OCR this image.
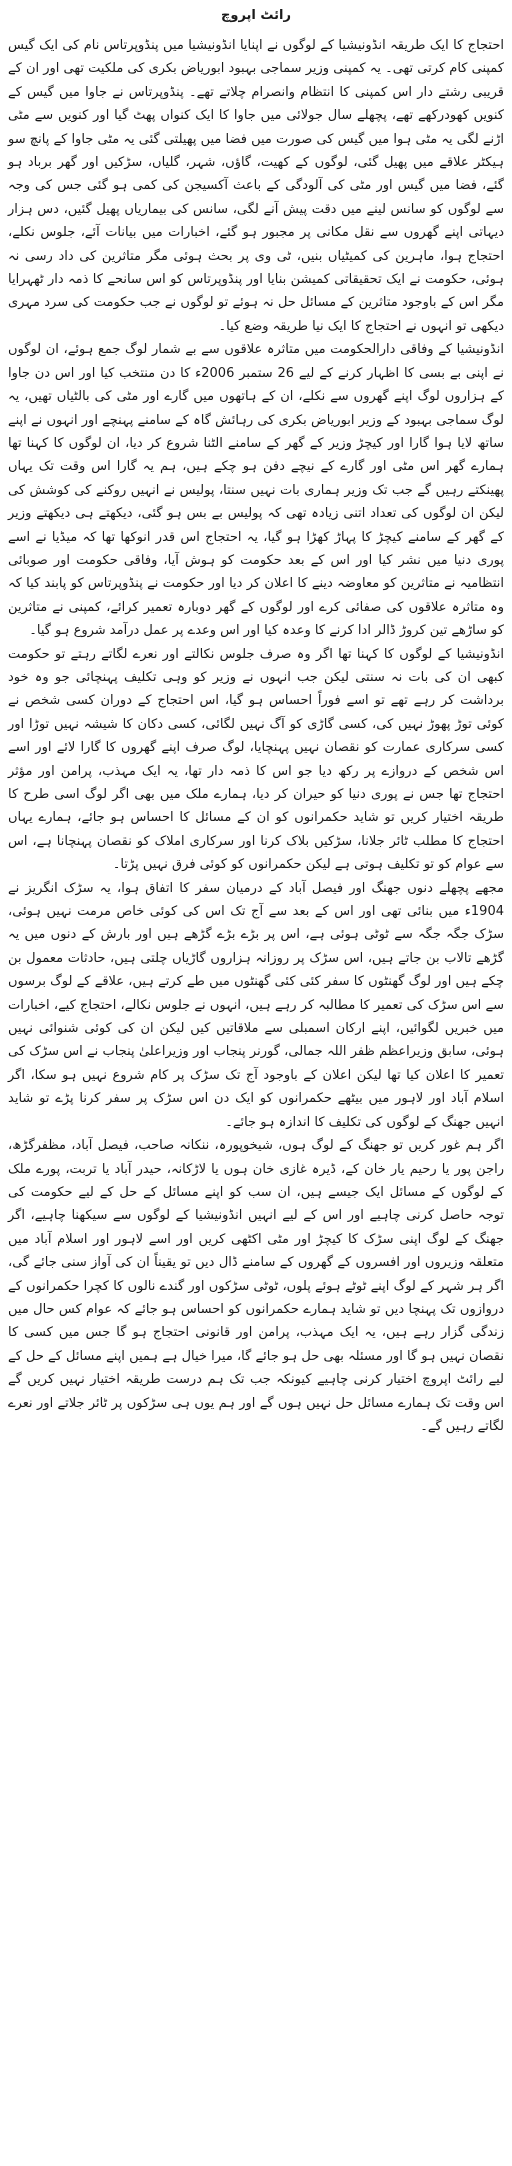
رائٹ اپروچ

احتجاج کا ایک طریقہ انڈونیشیا کے لوگوں نے اپنایا انڈونیشیا میں پنڈوپرتاس نام کی ایک گیس کمپنی کام کرتی تھی۔ یہ کمپنی وزیر سماجی بہبود ابوریاض بکری کی ملکیت تھی اور ان کے قریبی رشتے دار اس کمپنی کا انتظام وانصرام چلاتے تھے۔ پنڈوپرتاس نے جاوا میں گیس کے کنویں کھودرکھے تھے، پچھلے سال جولائی میں جاوا کا ایک کنواں پھٹ گیا اور کنویں سے مٹی اڑنے لگی یہ مٹی ہوا میں گیس کی صورت میں فضا میں پھیلتی گئی یہ مٹی جاوا کے پانچ سو ہیکٹر علاقے میں پھیل گئی، لوگوں کے کھیت، گاؤں، شہر، گلیاں، سڑکیں اور گھر برباد ہو گئے، فضا میں گیس اور مٹی کی آلودگی کے باعث آکسیجن کی کمی ہو گئی جس کی وجہ سے لوگوں کو سانس لینے میں دقت پیش آنے لگی، سانس کی بیماریاں پھیل گئیں، دس ہزار دیہاتی اپنے گھروں سے نقل مکانی پر مجبور ہو گئے، اخبارات میں بیانات آئے، جلوس نکلے، احتجاج ہوا، ماہرین کی کمیٹیاں بنیں، ٹی وی پر بحث ہوئی مگر متاثرین کی داد رسی نہ ہوئی، حکومت نے ایک تحقیقاتی کمیشن بنایا اور پنڈوپرتاس کو اس سانحے کا ذمہ دار ٹھہرایا مگر اس کے باوجود متاثرین کے مسائل حل نہ ہوئے تو لوگوں نے جب حکومت کی سرد مہری دیکھی تو انہوں نے احتجاج کا ایک نیا طریقہ وضع کیا۔

انڈونیشیا کے وفاقی دارالحکومت میں متاثرہ علاقوں سے بے شمار لوگ جمع ہوئے، ان لوگوں نے اپنی بے بسی کا اظہار کرنے کے لیے 26 ستمبر 2006ء کا دن منتخب کیا اور اس دن جاوا کے ہزاروں لوگ اپنے گھروں سے نکلے، ان کے ہاتھوں میں گارے اور مٹی کی بالٹیاں تھیں، یہ لوگ سماجی بہبود کے وزیر ابوریاض بکری کی رہائش گاہ کے سامنے پہنچے اور انہوں نے اپنے ساتھ لایا ہوا گارا اور کیچڑ وزیر کے گھر کے سامنے الٹنا شروع کر دیا، ان لوگوں کا کہنا تھا ہمارے گھر اس مٹی اور گارے کے نیچے دفن ہو چکے ہیں، ہم یہ گارا اس وقت تک یہاں پھینکتے رہیں گے جب تک وزیر ہماری بات نہیں سنتا، پولیس نے انہیں روکنے کی کوشش کی لیکن ان لوگوں کی تعداد اتنی زیادہ تھی کہ پولیس بے بس ہو گئی، دیکھتے ہی دیکھتے وزیر کے گھر کے سامنے کیچڑ کا پہاڑ کھڑا ہو گیا، یہ احتجاج اس قدر انوکھا تھا کہ میڈیا نے اسے پوری دنیا میں نشر کیا اور اس کے بعد حکومت کو ہوش آیا، وفاقی حکومت اور صوبائی انتظامیہ نے متاثرین کو معاوضہ دینے کا اعلان کر دیا اور حکومت نے پنڈوپرتاس کو پابند کیا کہ وہ متاثرہ علاقوں کی صفائی کرے اور لوگوں کے گھر دوبارہ تعمیر کرائے، کمپنی نے متاثرین کو ساڑھے تین کروڑ ڈالر ادا کرنے کا وعدہ کیا اور اس وعدے پر عمل درآمد شروع ہو گیا۔

انڈونیشیا کے لوگوں کا کہنا تھا اگر وہ صرف جلوس نکالتے اور نعرے لگاتے رہتے تو حکومت کبھی ان کی بات نہ سنتی لیکن جب انہوں نے وزیر کو وہی تکلیف پہنچائی جو وہ خود برداشت کر رہے تھے تو اسے فوراً احساس ہو گیا، اس احتجاج کے دوران کسی شخص نے کوئی توڑ پھوڑ نہیں کی، کسی گاڑی کو آگ نہیں لگائی، کسی دکان کا شیشہ نہیں توڑا اور کسی سرکاری عمارت کو نقصان نہیں پہنچایا، لوگ صرف اپنے گھروں کا گارا لائے اور اسے اس شخص کے دروازے پر رکھ دیا جو اس کا ذمہ دار تھا، یہ ایک مہذب، پرامن اور مؤثر احتجاج تھا جس نے پوری دنیا کو حیران کر دیا، ہمارے ملک میں بھی اگر لوگ اسی طرح کا طریقہ اختیار کریں تو شاید حکمرانوں کو ان کے مسائل کا احساس ہو جائے، ہمارے یہاں احتجاج کا مطلب ٹائر جلانا، سڑکیں بلاک کرنا اور سرکاری املاک کو نقصان پہنچانا ہے، اس سے عوام کو تو تکلیف ہوتی ہے لیکن حکمرانوں کو کوئی فرق نہیں پڑتا۔

مجھے پچھلے دنوں جھنگ اور فیصل آباد کے درمیان سفر کا اتفاق ہوا، یہ سڑک انگریز نے 1904ء میں بنائی تھی اور اس کے بعد سے آج تک اس کی کوئی خاص مرمت نہیں ہوئی، سڑک جگہ جگہ سے ٹوٹی ہوئی ہے، اس پر بڑے بڑے گڑھے ہیں اور بارش کے دنوں میں یہ گڑھے تالاب بن جاتے ہیں، اس سڑک پر روزانہ ہزاروں گاڑیاں چلتی ہیں، حادثات معمول بن چکے ہیں اور لوگ گھنٹوں کا سفر کئی کئی گھنٹوں میں طے کرتے ہیں، علاقے کے لوگ برسوں سے اس سڑک کی تعمیر کا مطالبہ کر رہے ہیں، انہوں نے جلوس نکالے، احتجاج کیے، اخبارات میں خبریں لگوائیں، اپنے ارکان اسمبلی سے ملاقاتیں کیں لیکن ان کی کوئی شنوائی نہیں ہوئی، سابق وزیراعظم ظفر اللہ جمالی، گورنر پنجاب اور وزیراعلیٰ پنجاب نے اس سڑک کی تعمیر کا اعلان کیا تھا لیکن اعلان کے باوجود آج تک سڑک پر کام شروع نہیں ہو سکا، اگر اسلام آباد اور لاہور میں بیٹھے حکمرانوں کو ایک دن اس سڑک پر سفر کرنا پڑے تو شاید انہیں جھنگ کے لوگوں کی تکلیف کا اندازہ ہو جائے۔

اگر ہم غور کریں تو جھنگ کے لوگ ہوں، شیخوپورہ، ننکانہ صاحب، فیصل آباد، مظفرگڑھ، راجن پور یا رحیم یار خان کے، ڈیرہ غازی خان ہوں یا لاڑکانہ، حیدر آباد یا تربت، پورے ملک کے لوگوں کے مسائل ایک جیسے ہیں، ان سب کو اپنے مسائل کے حل کے لیے حکومت کی توجہ حاصل کرنی چاہیے اور اس کے لیے انہیں انڈونیشیا کے لوگوں سے سیکھنا چاہیے، اگر جھنگ کے لوگ اپنی سڑک کا کیچڑ اور مٹی اکٹھی کریں اور اسے لاہور اور اسلام آباد میں متعلقہ وزیروں اور افسروں کے گھروں کے سامنے ڈال دیں تو یقیناً ان کی آواز سنی جائے گی، اگر ہر شہر کے لوگ اپنے ٹوٹے ہوئے پلوں، ٹوٹی سڑکوں اور گندے نالوں کا کچرا حکمرانوں کے دروازوں تک پہنچا دیں تو شاید ہمارے حکمرانوں کو احساس ہو جائے کہ عوام کس حال میں زندگی گزار رہے ہیں، یہ ایک مہذب، پرامن اور قانونی احتجاج ہو گا جس میں کسی کا نقصان نہیں ہو گا اور مسئلہ بھی حل ہو جائے گا، میرا خیال ہے ہمیں اپنے مسائل کے حل کے لیے رائٹ اپروچ اختیار کرنی چاہیے کیونکہ جب تک ہم درست طریقہ اختیار نہیں کریں گے اس وقت تک ہمارے مسائل حل نہیں ہوں گے اور ہم یوں ہی سڑکوں پر ٹائر جلاتے اور نعرے لگاتے رہیں گے۔
